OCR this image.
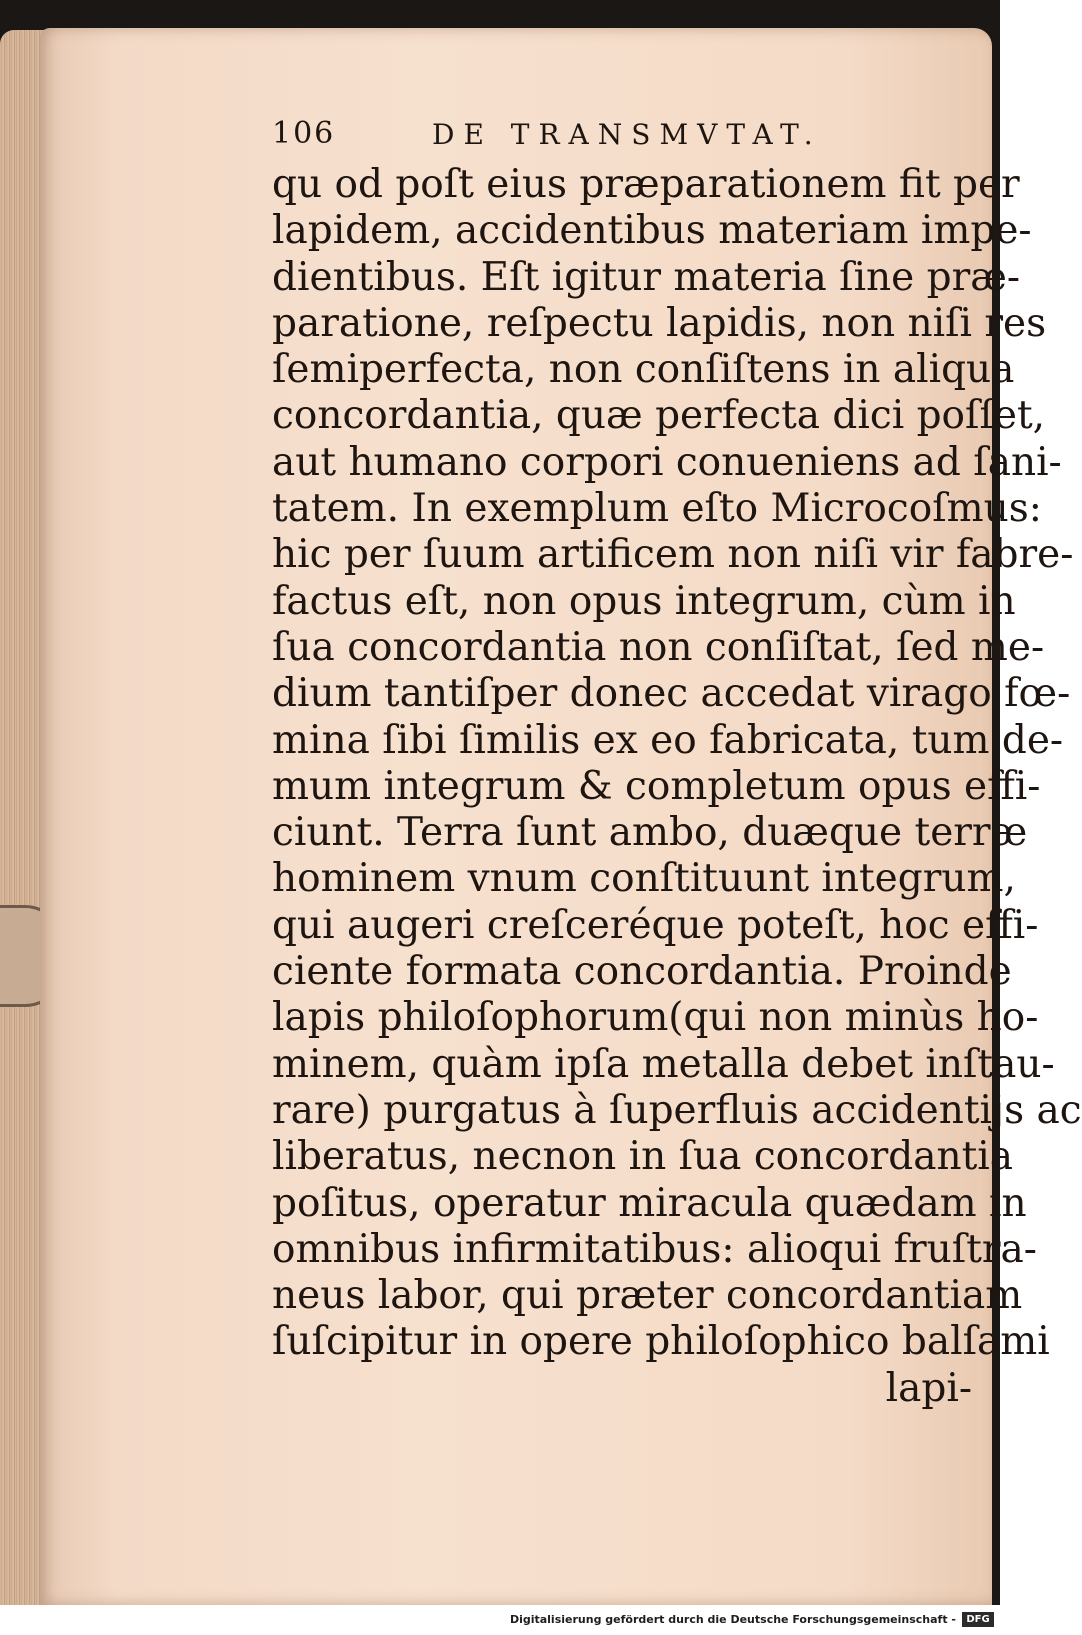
106	DE TRANSMVTAT.
qu od poſt eius præparationem fit per
lapidem, accidentibus materiam impe-
dientibus. Eſt igitur materia ſine præ-
paratione, reſpectu lapidis, non niſi res
ſemiperfecta, non conſiſtens in aliqua
concordantia, quæ perfecta dici poſſet,
aut humano corpori conueniens ad ſani-
tatem. In exemplum eſto Microcoſmus:
hic per ſuum artificem non niſi vir fabre-
factus eſt, non opus integrum, cùm in
ſua concordantia non conſiſtat, ſed me-
dium tantiſper donec accedat virago fœ-
mina ſibi ſimilis ex eo fabricata, tum de-
mum integrum & completum opus effi-
ciunt. Terra ſunt ambo, duæque terræ
hominem vnum conſtituunt integrum,
qui augeri creſceréque poteſt, hoc effi-
ciente formata concordantia. Proinde
lapis philoſophorum(qui non minùs ho-
minem, quàm ipſa metalla debet inſtau-
rare) purgatus à ſuperfluis accidentijs ac
liberatus, necnon in ſua concordantia
poſitus, operatur miracula quædam in
omnibus infirmitatibus: alioqui fruſtra-
neus labor, qui præter concordantiam
ſuſcipitur in opere philoſophico balſami
lapi-
Digitalisierung gefördert durch die Deutsche Forschungsgemeinschaft -	DFG
